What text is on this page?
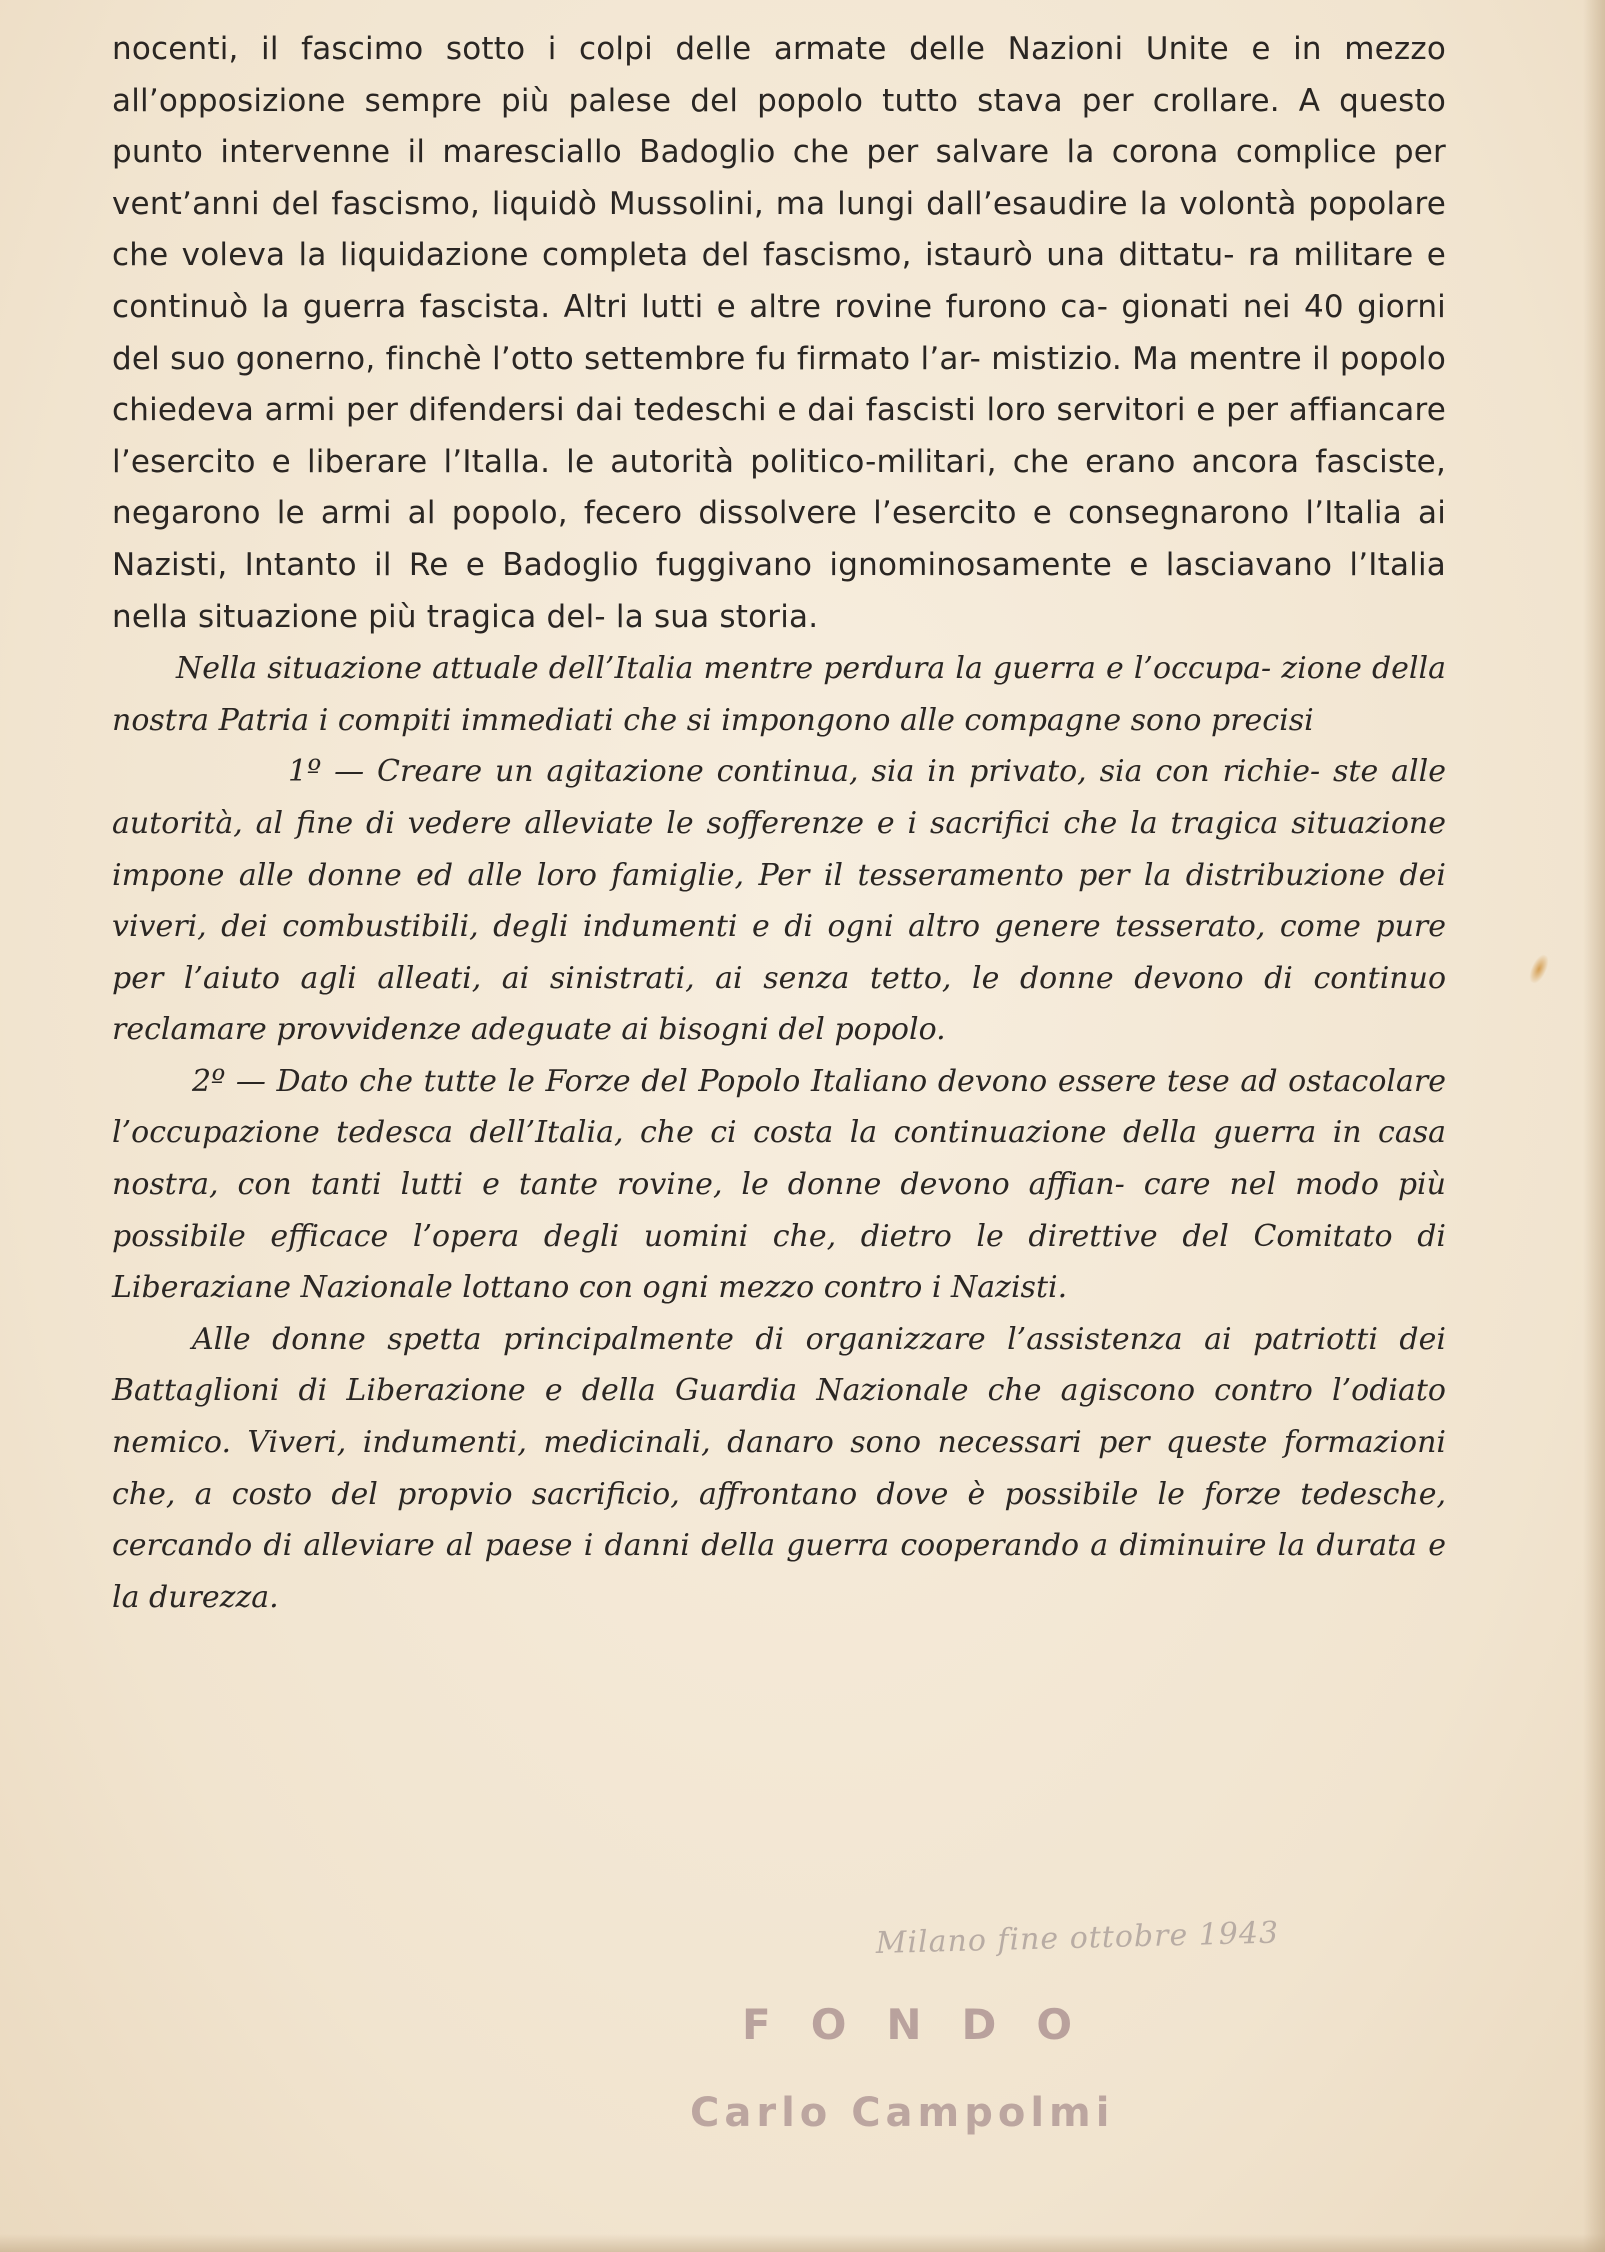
nocenti, il fascimo sotto i colpi delle armate delle Nazioni Unite e in mezzo all’opposizione sempre più palese del popolo tutto stava per crollare. A questo punto intervenne il maresciallo Badoglio che per salvare la corona complice per vent’anni del fascismo, liquidò Mussolini, ma lungi dall’esaudire la volontà popolare che voleva la liquidazione completa del fascismo, istaurò una dittatu- ra militare e continuò la guerra fascista. Altri lutti e altre rovine furono ca- gionati nei 40 giorni del suo gonerno, finchè l’otto settembre fu firmato l’ar- mistizio. Ma mentre il popolo chiedeva armi per difendersi dai tedeschi e dai fascisti loro servitori e per affiancare l’esercito e liberare l’Italla. le autorità politico-militari, che erano ancora fasciste, negarono le armi al popolo, fecero dissolvere l’esercito e consegnarono l’Italia ai Nazisti, Intanto il Re e Badoglio fuggivano ignominosamente e lasciavano l’Italia nella situazione più tragica del- la sua storia.
Nella situazione attuale dell’Italia mentre perdura la guerra e l’occupa- zione della nostra Patria i compiti immediati che si impongono alle compagne sono precisi
1º — Creare un agitazione continua, sia in privato, sia con richie- ste alle autorità, al fine di vedere alleviate le sofferenze e i sacrifici che la tragica situazione impone alle donne ed alle loro famiglie, Per il tesseramento per la distribuzione dei viveri, dei combustibili, degli indumenti e di ogni altro genere tesserato, come pure per l’aiuto agli alleati, ai sinistrati, ai senza tetto, le donne devono di continuo reclamare provvidenze adeguate ai bisogni del popolo.
2º — Dato che tutte le Forze del Popolo Italiano devono essere tese ad ostacolare l’occupazione tedesca dell’Italia, che ci costa la continuazione della guerra in casa nostra, con tanti lutti e tante rovine, le donne devono affian- care nel modo più possibile efficace l’opera degli uomini che, dietro le direttive del Comitato di Liberaziane Nazionale lottano con ogni mezzo contro i Nazisti.
Alle donne spetta principalmente di organizzare l’assistenza ai patriotti dei Battaglioni di Liberazione e della Guardia Nazionale che agiscono contro l’odiato nemico. Viveri, indumenti, medicinali, danaro sono necessari per queste formazioni che, a costo del propvio sacrificio, affrontano dove è possibile le forze tedesche, cercando di alleviare al paese i danni della guerra cooperando a diminuire la durata e la durezza.
Milano fine ottobre 1943
FONDO
Carlo Campolmi
